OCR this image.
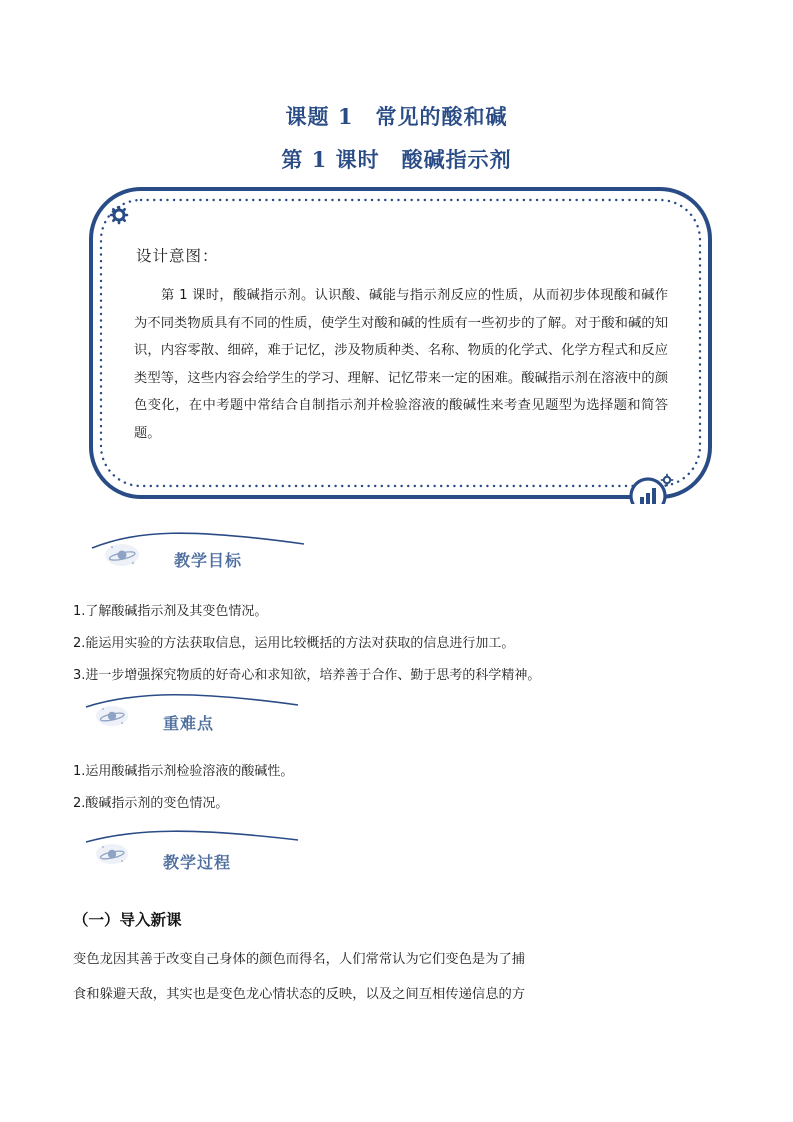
课题 1　常见的酸和碱
第 1 课时　酸碱指示剂
设计意图：
第 1 课时，酸碱指示剂。认识酸、碱能与指示剂反应的性质，从而初步体现酸和碱作为不同类物质具有不同的性质，使学生对酸和碱的性质有一些初步的了解。对于酸和碱的知识，内容零散、细碎，难于记忆，涉及物质种类、名称、物质的化学式、化学方程式和反应类型等，这些内容会给学生的学习、理解、记忆带来一定的困难。酸碱指示剂在溶液中的颜色变化，在中考题中常结合自制指示剂并检验溶液的酸碱性来考查见题型为选择题和简答题。
教学目标
1.了解酸碱指示剂及其变色情况。
2.能运用实验的方法获取信息，运用比较概括的方法对获取的信息进行加工。
3.进一步增强探究物质的好奇心和求知欲，培养善于合作、勤于思考的科学精神。
重难点
1.运用酸碱指示剂检验溶液的酸碱性。
2.酸碱指示剂的变色情况。
教学过程
（一）导入新课
变色龙因其善于改变自己身体的颜色而得名，人们常常认为它们变色是为了捕
食和躲避天敌，其实也是变色龙心情状态的反映，以及之间互相传递信息的方
